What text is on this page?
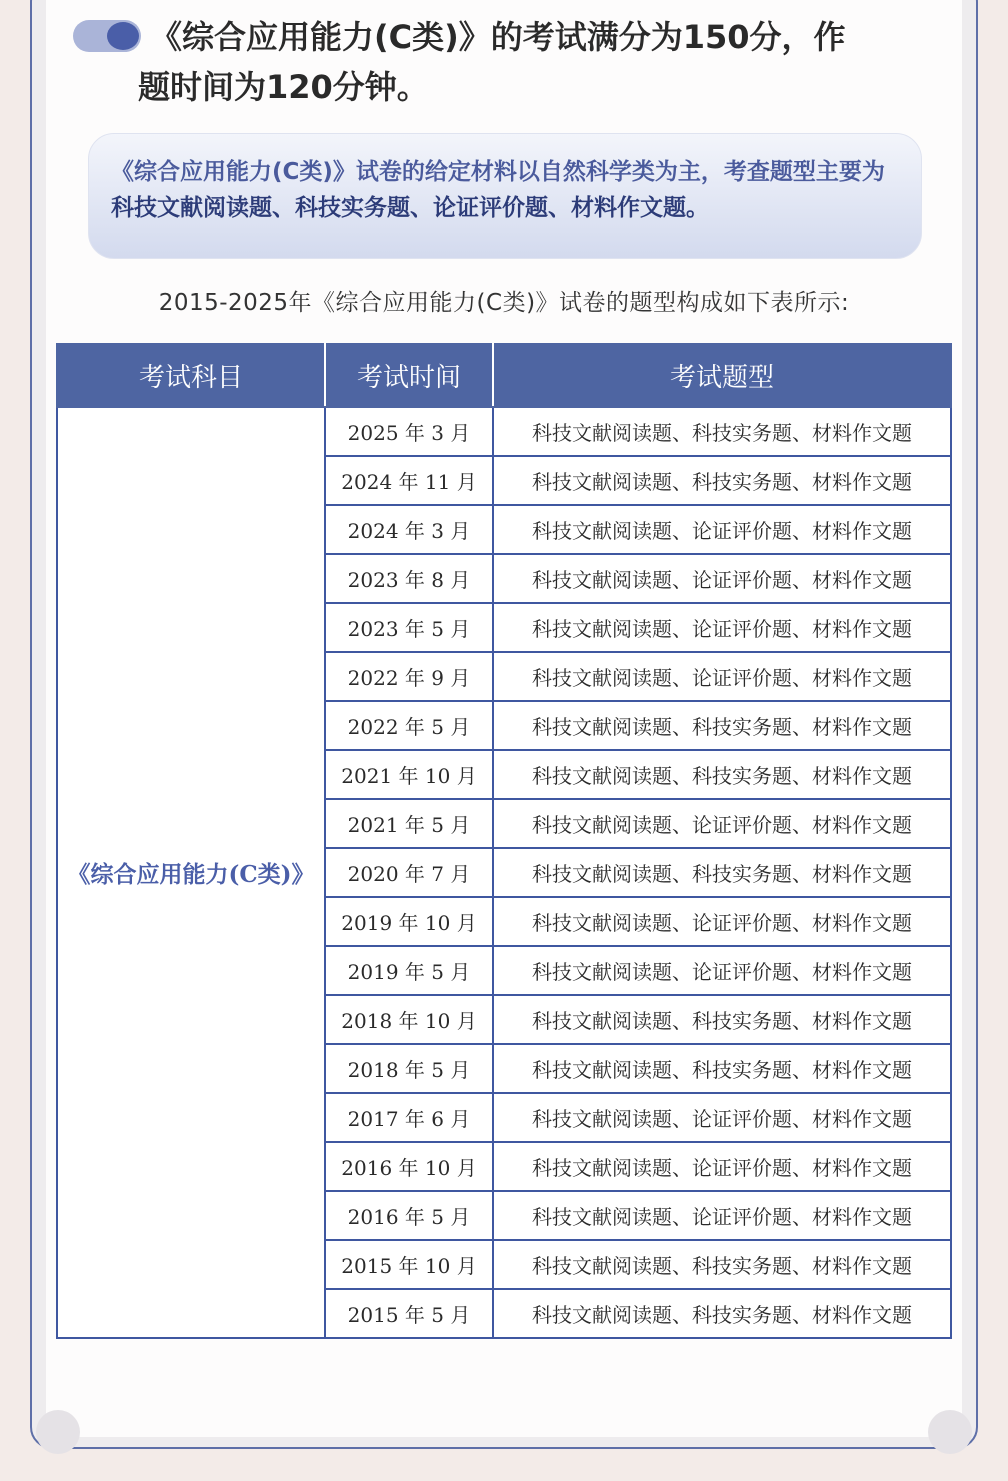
《综合应用能力(C类)》的考试满分为150分，作
题时间为120分钟。
《综合应用能力(C类)》试卷的给定材料以自然科学类为主，考查题型主要为科技文献阅读题、科技实务题、论证评价题、材料作文题。
2015-2025年《综合应用能力(C类)》试卷的题型构成如下表所示:
考试科目	考试时间	考试题型
《综合应用能力(C类)》	2025 年 3 月	科技文献阅读题、科技实务题、材料作文题
	2024 年 11 月	科技文献阅读题、科技实务题、材料作文题
	2024 年 3 月	科技文献阅读题、论证评价题、材料作文题
	2023 年 8 月	科技文献阅读题、论证评价题、材料作文题
	2023 年 5 月	科技文献阅读题、论证评价题、材料作文题
	2022 年 9 月	科技文献阅读题、论证评价题、材料作文题
	2022 年 5 月	科技文献阅读题、科技实务题、材料作文题
	2021 年 10 月	科技文献阅读题、科技实务题、材料作文题
	2021 年 5 月	科技文献阅读题、论证评价题、材料作文题
	2020 年 7 月	科技文献阅读题、科技实务题、材料作文题
	2019 年 10 月	科技文献阅读题、论证评价题、材料作文题
	2019 年 5 月	科技文献阅读题、论证评价题、材料作文题
	2018 年 10 月	科技文献阅读题、科技实务题、材料作文题
	2018 年 5 月	科技文献阅读题、科技实务题、材料作文题
	2017 年 6 月	科技文献阅读题、论证评价题、材料作文题
	2016 年 10 月	科技文献阅读题、论证评价题、材料作文题
	2016 年 5 月	科技文献阅读题、论证评价题、材料作文题
	2015 年 10 月	科技文献阅读题、科技实务题、材料作文题
	2015 年 5 月	科技文献阅读题、科技实务题、材料作文题
